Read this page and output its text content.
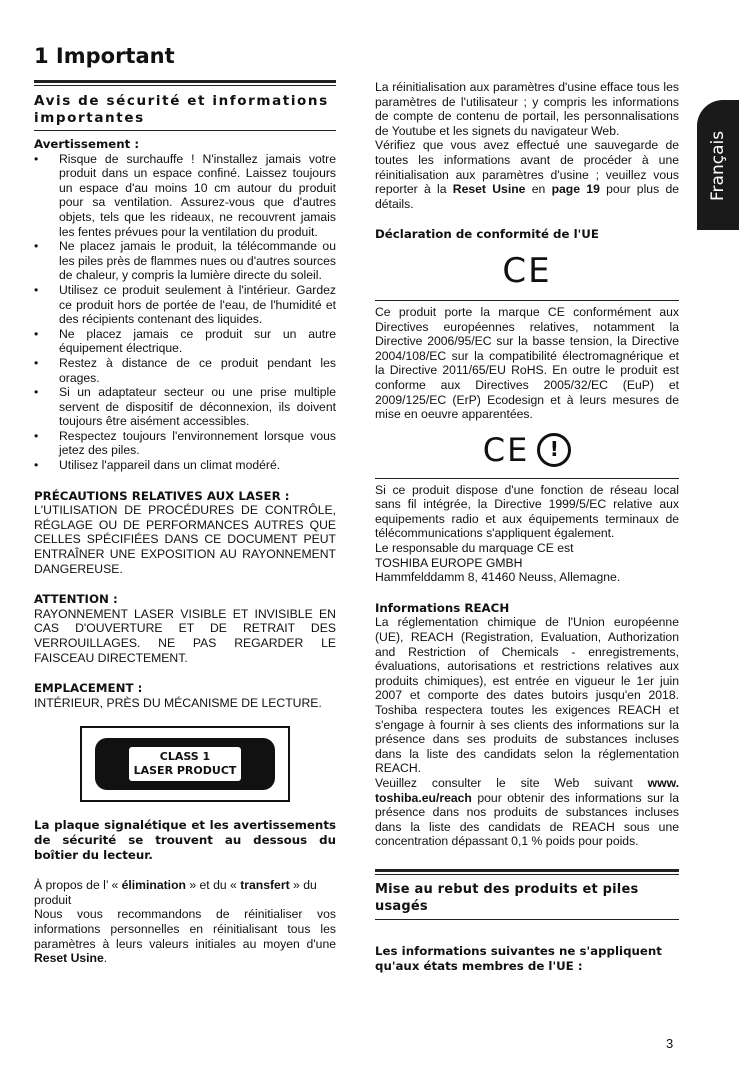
1 Important
Français
Avis de sécurité et informations importantes

Avertissement :

• Risque de surchauffe ! N'installez jamais votre produit dans un espace confiné. Laissez toujours un espace d'au moins 10 cm autour du produit pour sa ventilation. Assurez-vous que d'autres objets, tels que les rideaux, ne recouvrent jamais les fentes prévues pour la ventilation du produit.
• Ne placez jamais le produit, la télécommande ou les piles près de flammes nues ou d'autres sources de chaleur, y compris la lumière directe du soleil.
• Utilisez ce produit seulement à l'intérieur. Gardez ce produit hors de portée de l'eau, de l'humidité et des récipients contenant des liquides.
• Ne placez jamais ce produit sur un autre équipement électrique.
• Restez à distance de ce produit pendant les orages.
• Si un adaptateur secteur ou une prise multiple servent de dispositif de déconnexion, ils doivent toujours être aisément accessibles.
• Respectez toujours l'environnement lorsque vous jetez des piles.
• Utilisez l'appareil dans un climat modéré.

PRÉCAUTIONS RELATIVES AUX LASER :

L'UTILISATION DE PROCÉDURES DE CONTRÔLE, RÉGLAGE OU DE PERFORMANCES AUTRES QUE CELLES SPÉCIFIÉES DANS CE DOCUMENT PEUT ENTRAÎNER UNE EXPOSITION AU RAYONNEMENT DANGEREUSE.

ATTENTION :

RAYONNEMENT LASER VISIBLE ET INVISIBLE EN CAS D'OUVERTURE ET DE RETRAIT DES VERROUILLAGES. NE PAS REGARDER LE FAISCEAU DIRECTEMENT.

EMPLACEMENT :

INTÉRIEUR, PRÈS DU MÉCANISME DE LECTURE.

CLASS 1
LASER PRODUCT

La plaque signalétique et les avertissements de sécurité se trouvent au dessous du boîtier du lecteur.

À propos de l’ « élimination » et du « transfert » du produit

Nous vous recommandons de réinitialiser vos informations personnelles en réinitialisant tous les paramètres à leurs valeurs initiales au moyen d'une Reset Usine.

La réinitialisation aux paramètres d'usine efface tous les paramètres de l'utilisateur ; y compris les informations de compte de contenu de portail, les personnalisations de Youtube et les signets du navigateur Web.

Vérifiez que vous avez effectué une sauvegarde de toutes les informations avant de procéder à une réinitialisation aux paramètres d'usine ; veuillez vous reporter à la Reset Usine en page 19 pour plus de détails.

Déclaration de conformité de l'UE

CE

Ce produit porte la marque CE conformément aux Directives européennes relatives, notamment la Directive 2006/95/EC sur la basse tension, la Directive 2004/108/EC sur la compatibilité électromagnérique et la Directive 2011/65/EU RoHS. En outre le produit est conforme aux Directives 2005/32/EC (EuP) et 2009/125/EC (ErP) Ecodesign et à leurs mesures de mise en oeuvre apparentées.

CE	!

Si ce produit dispose d'une fonction de réseau local sans fil intégrée, la Directive 1999/5/EC relative aux equipements radio et aux équipements terminaux de télécommunications s'appliquent également.

Le responsable du marquage CE est

TOSHIBA EUROPE GMBH

Hammfelddamm 8, 41460 Neuss, Allemagne.

Informations REACH

La réglementation chimique de l'Union européenne (UE), REACH (Registration, Evaluation, Authorization and Restriction of Chemicals - enregistrements, évaluations, autorisations et restrictions relatives aux produits chimiques), est entrée en vigueur le 1er juin 2007 et comporte des dates butoirs jusqu'en 2018. Toshiba respectera toutes les exigences REACH et s'engage à fournir à ses clients des informations sur la présence dans ses produits de substances incluses dans la liste des candidats selon la réglementation REACH.

Veuillez consulter le site Web suivant www. toshiba.eu/reach pour obtenir des informations sur la présence dans nos produits de substances incluses dans la liste des candidats de REACH sous une concentration dépassant 0,1 % poids pour poids.

Mise au rebut des produits et piles usagés

Les informations suivantes ne s'appliquent qu'aux états membres de l'UE :

3
